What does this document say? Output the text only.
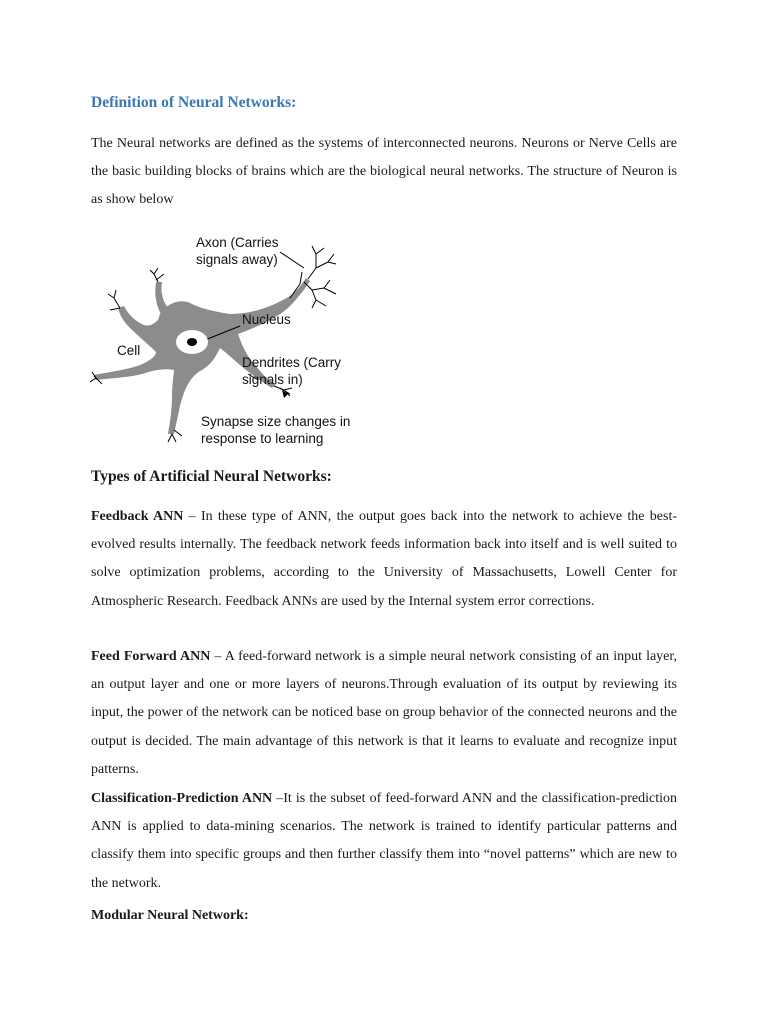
Definition of Neural Networks:

The Neural networks are defined as the systems of interconnected neurons. Neurons or Nerve Cells are the basic building blocks of brains which are the biological neural networks. The structure of Neuron is as show below

Types of Artificial Neural Networks:

Feedback ANN – In these type of ANN, the output goes back into the network to achieve the best-evolved results internally. The feedback network feeds information back into itself and is well suited to solve optimization problems, according to the University of Massachusetts, Lowell Center for Atmospheric Research. Feedback ANNs are used by the Internal system error corrections.

Feed Forward ANN – A feed-forward network is a simple neural network consisting of an input layer, an output layer and one or more layers of neurons.Through evaluation of its output by reviewing its input, the power of the network can be noticed base on group behavior of the connected neurons and the output is decided. The main advantage of this network is that it learns to evaluate and recognize input patterns.

Classification-Prediction ANN –It is the subset of feed-forward ANN and the classification-prediction ANN is applied to data-mining scenarios. The network is trained to identify particular patterns and classify them into specific groups and then further classify them into “novel patterns” which are new to the network.

Modular Neural Network:

Axon (Carries

signals away)

Nucleus

Cell

Dendrites (Carry

signals in)

Synapse size changes in

response to learning
